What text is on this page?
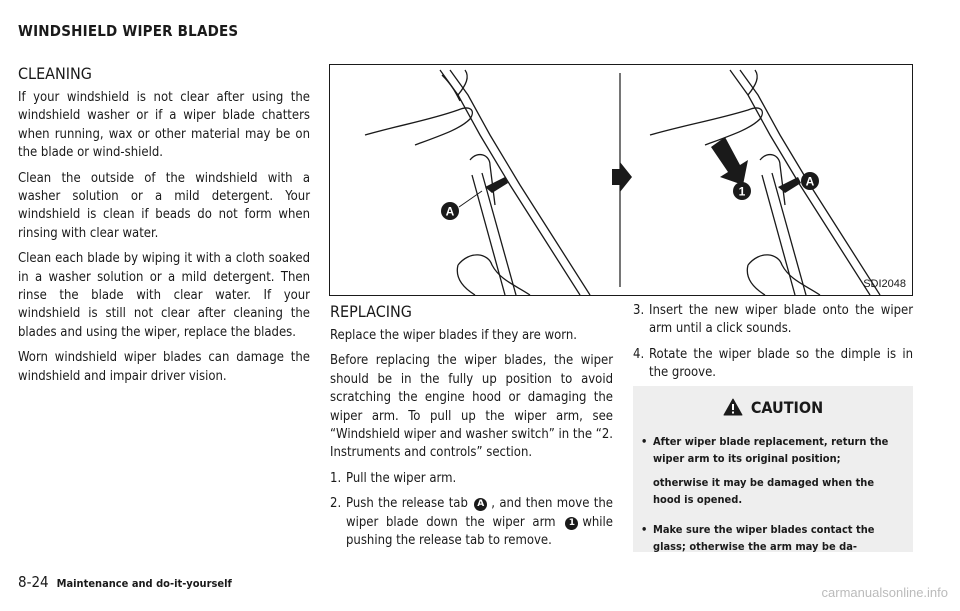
WINDSHIELD WIPER BLADES
CLEANING

If your windshield is not clear after using the windshield washer or if a wiper blade chatters when running, wax or other material may be on the blade or wind-shield.

Clean the outside of the windshield with a washer solution or a mild detergent. Your windshield is clean if beads do not form when rinsing with clear water.

Clean each blade by wiping it with a cloth soaked in a washer solution or a mild detergent. Then rinse the blade with clear water. If your windshield is still not clear after cleaning the blades and using the wiper, replace the blades.

Worn windshield wiper blades can damage the windshield and impair driver vision.

A
1
A
SDI2048
REPLACING

Replace the wiper blades if they are worn.

Before replacing the wiper blades, the wiper should be in the fully up position to avoid scratching the engine hood or damaging the wiper arm. To pull up the wiper arm, see “Windshield wiper and washer switch” in the “2. Instruments and controls” section.

1. Pull the wiper arm.
2. Push the release tab A , and then move the wiper blade down the wiper arm 1 while pushing the release tab to remove.
3. Insert the new wiper blade onto the wiper arm until a click sounds.
4. Rotate the wiper blade so the dimple is in the groove.
CAUTION
• After wiper blade replacement, return the wiper arm to its original position;

otherwise it may be damaged when the hood is opened.

• Make sure the wiper blades contact the glass; otherwise the arm may be da-
8-24 Maintenance and do-it-yourself
carmanualsonline.info
